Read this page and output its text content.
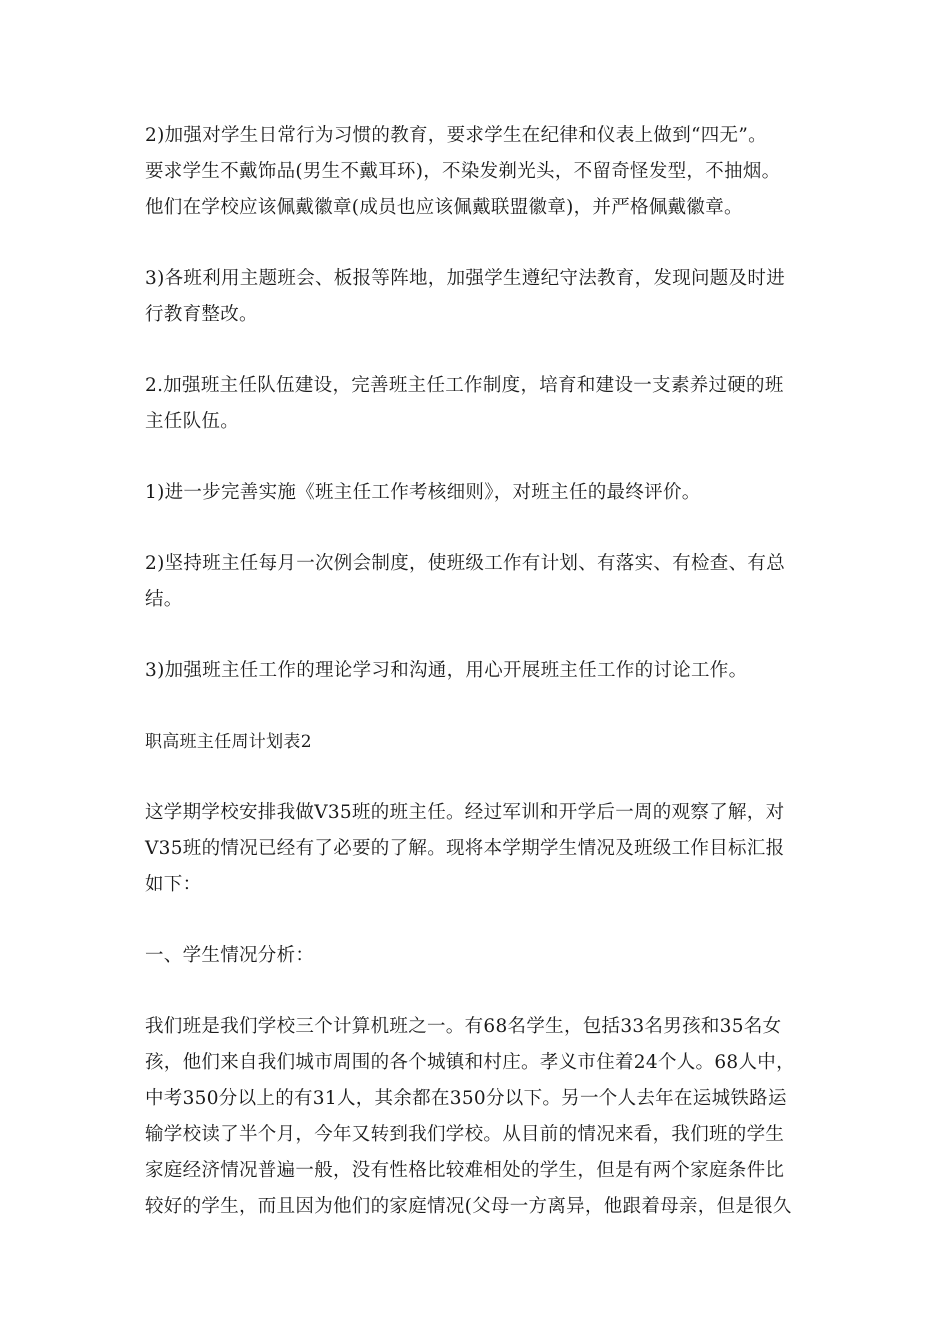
2)加强对学生日常行为习惯的教育，要求学生在纪律和仪表上做到“四无”。
要求学生不戴饰品(男生不戴耳环)，不染发剃光头，不留奇怪发型，不抽烟。
他们在学校应该佩戴徽章(成员也应该佩戴联盟徽章)，并严格佩戴徽章。

3)各班利用主题班会、板报等阵地，加强学生遵纪守法教育，发现问题及时进
行教育整改。

2.加强班主任队伍建设，完善班主任工作制度，培育和建设一支素养过硬的班
主任队伍。

1)进一步完善实施《班主任工作考核细则》，对班主任的最终评价。

2)坚持班主任每月一次例会制度，使班级工作有计划、有落实、有检查、有总
结。

3)加强班主任工作的理论学习和沟通，用心开展班主任工作的讨论工作。

职高班主任周计划表2

这学期学校安排我做V35班的班主任。经过军训和开学后一周的观察了解，对
V35班的情况已经有了必要的了解。现将本学期学生情况及班级工作目标汇报
如下：

一、学生情况分析：

我们班是我们学校三个计算机班之一。有68名学生，包括33名男孩和35名女
孩，他们来自我们城市周围的各个城镇和村庄。孝义市住着24个人。68人中，
中考350分以上的有31人，其余都在350分以下。另一个人去年在运城铁路运
输学校读了半个月，今年又转到我们学校。从目前的情况来看，我们班的学生
家庭经济情况普遍一般，没有性格比较难相处的学生，但是有两个家庭条件比
较好的学生，而且因为他们的家庭情况(父母一方离异，他跟着母亲，但是很久
